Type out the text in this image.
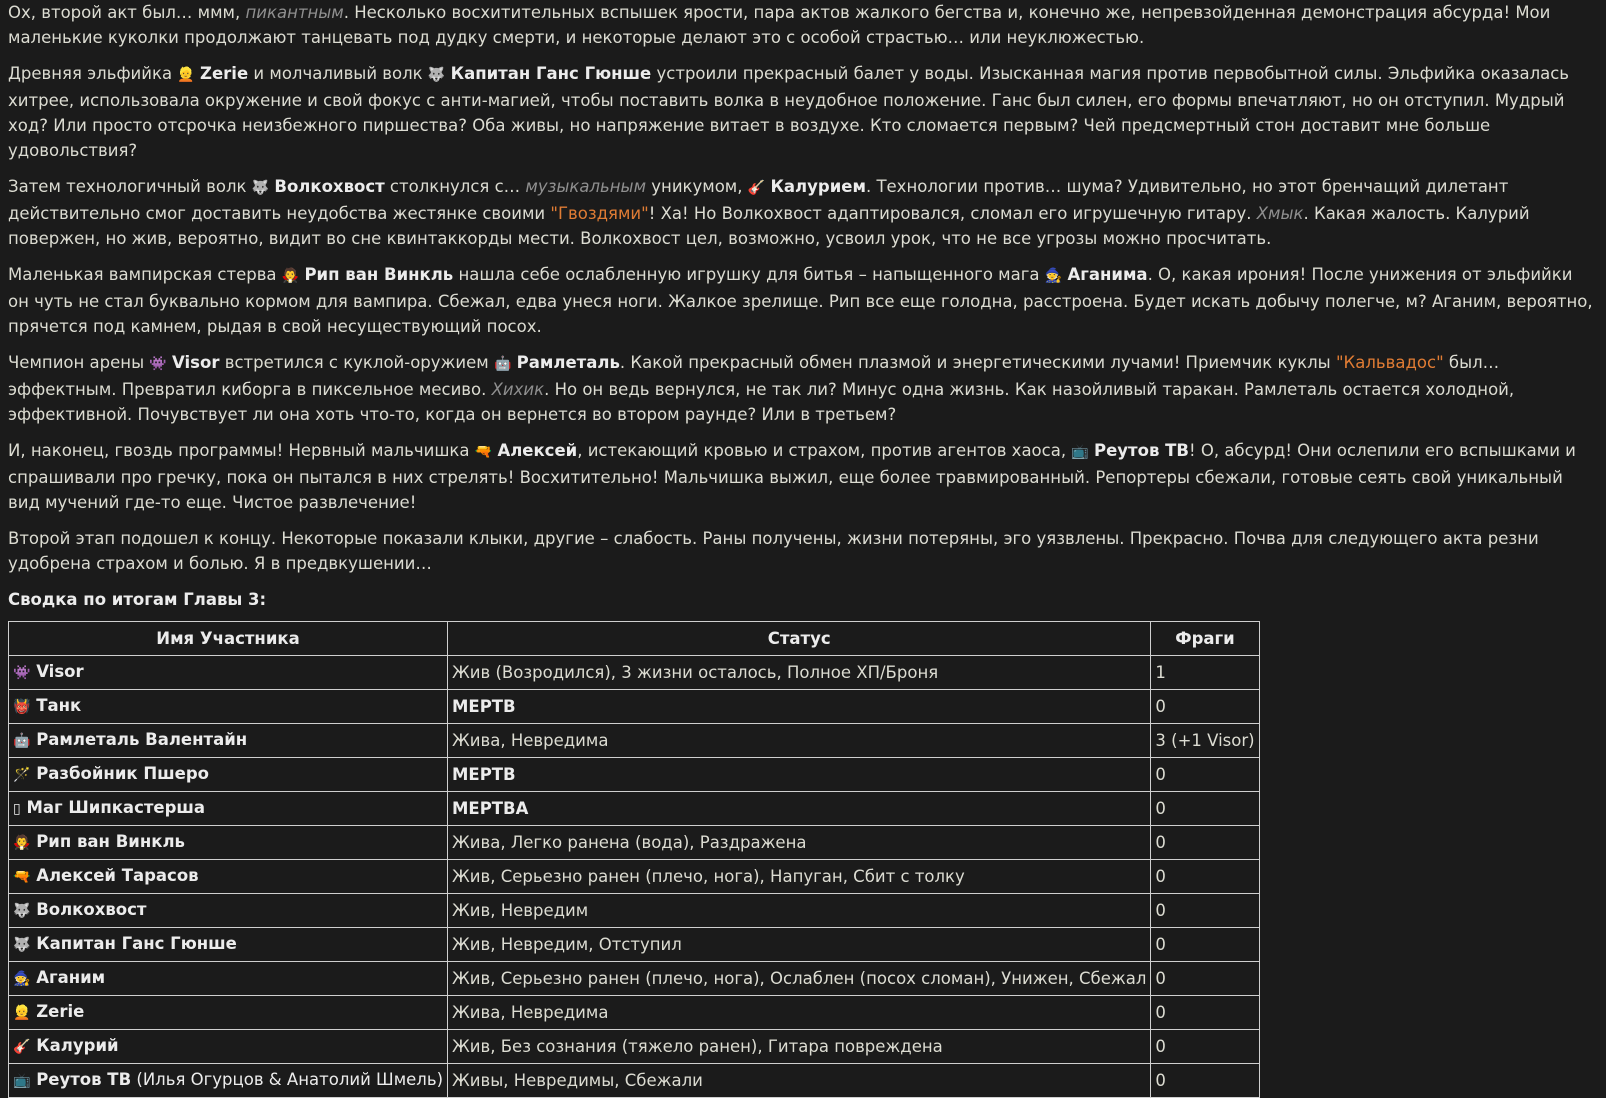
Ох, второй акт был… ммм, пикантным. Несколько восхитительных вспышек ярости, пара актов жалкого бегства и, конечно же, непревзойденная демонстрация абсурда! Мои маленькие куколки продолжают танцевать под дудку смерти, и некоторые делают это с особой страстью… или неуклюжестью.

Древняя эльфийка 👱 Zerie и молчаливый волк 🐺 Капитан Ганс Гюнше устроили прекрасный балет у воды. Изысканная магия против первобытной силы. Эльфийка оказалась хитрее, использовала окружение и свой фокус с анти-магией, чтобы поставить волка в неудобное положение. Ганс был силен, его формы впечатляют, но он отступил. Мудрый ход? Или просто отсрочка неизбежного пиршества? Оба живы, но напряжение витает в воздухе. Кто сломается первым? Чей предсмертный стон доставит мне больше удовольствия?

Затем технологичный волк 🐺 Волкохвост столкнулся с… музыкальным уникумом, 🎸 Калурием. Технологии против… шума? Удивительно, но этот бренчащий дилетант действительно смог доставить неудобства жестянке своими "Гвоздями"! Ха! Но Волкохвост адаптировался, сломал его игрушечную гитару. Хмык. Какая жалость. Калурий повержен, но жив, вероятно, видит во сне квинтаккорды мести. Волкохвост цел, возможно, усвоил урок, что не все угрозы можно просчитать.

Маленькая вампирская стерва 🧛 Рип ван Винкль нашла себе ослабленную игрушку для битья – напыщенного мага 🧙 Аганима. О, какая ирония! После унижения от эльфийки он чуть не стал буквально кормом для вампира. Сбежал, едва унеся ноги. Жалкое зрелище. Рип все еще голодна, расстроена. Будет искать добычу полегче, м? Аганим, вероятно, прячется под камнем, рыдая в свой несуществующий посох.

Чемпион арены 👾 Visor встретился с куклой-оружием 🤖 Рамлеталь. Какой прекрасный обмен плазмой и энергетическими лучами! Приемчик куклы "Кальвадос" был… эффектным. Превратил киборга в пиксельное месиво. Хихик. Но он ведь вернулся, не так ли? Минус одна жизнь. Как назойливый таракан. Рамлеталь остается холодной, эффективной. Почувствует ли она хоть что-то, когда он вернется во втором раунде? Или в третьем?

И, наконец, гвоздь программы! Нервный мальчишка 🔫 Алексей, истекающий кровью и страхом, против агентов хаоса, 📺 Реутов ТВ! О, абсурд! Они ослепили его вспышками и спрашивали про гречку, пока он пытался в них стрелять! Восхитительно! Мальчишка выжил, еще более травмированный. Репортеры сбежали, готовые сеять свой уникальный вид мучений где-то еще. Чистое развлечение!

Второй этап подошел к концу. Некоторые показали клыки, другие – слабость. Раны получены, жизни потеряны, эго уязвлены. Прекрасно. Почва для следующего акта резни удобрена страхом и болью. Я в предвкушении…

Сводка по итогам Главы 3:
Имя Участника	Статус	Фраги
👾 Visor	Жив (Возродился), 3 жизни осталось, Полное ХП/Броня	1
👹 Танк	МЕРТВ	0
🤖 Рамлеталь Валентайн	Жива, Невредима	3 (+1 Visor)
🪄 Разбойник Пшеро	МЕРТВ	0
▯ Маг Шипкастерша	МЕРТВА	0
🧛 Рип ван Винкль	Жива, Легко ранена (вода), Раздражена	0
🔫 Алексей Тарасов	Жив, Серьезно ранен (плечо, нога), Напуган, Сбит с толку	0
🐺 Волкохвост	Жив, Невредим	0
🐺 Капитан Ганс Гюнше	Жив, Невредим, Отступил	0
🧙 Аганим	Жив, Серьезно ранен (плечо, нога), Ослаблен (посох сломан), Унижен, Сбежал	0
👱 Zerie	Жива, Невредима	0
🎸 Калурий	Жив, Без сознания (тяжело ранен), Гитара повреждена	0
📺 Реутов ТВ (Илья Огурцов & Анатолий Шмель)	Живы, Невредимы, Сбежали	0
